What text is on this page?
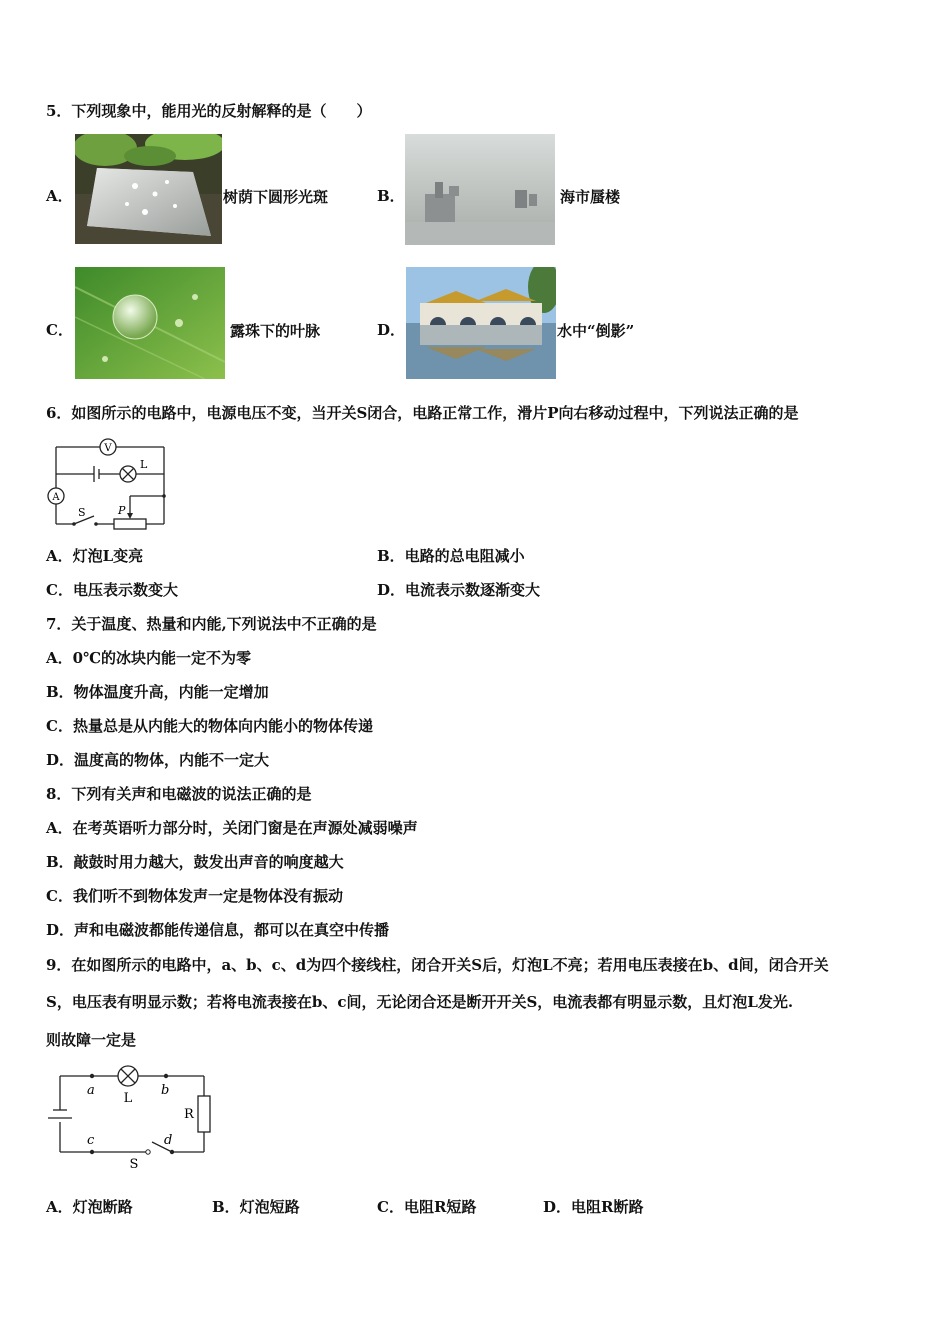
5．下列现象中，能用光的反射解释的是（　　）
A．	树荫下圆形光斑	B．	海市蜃楼
C．	露珠下的叶脉	D．	水中“倒影”
6．如图所示的电路中，电源电压不变，当开关S闭合，电路正常工作，滑片P向右移动过程中，下列说法正确的是
V
A
L
S	P
A．灯泡L变亮	B．电路的总电阻减小
C．电压表示数变大	D．电流表示数逐渐变大
7．关于温度、热量和内能,下列说法中不正确的是
A．0℃的冰块内能一定不为零
B．物体温度升高，内能一定增加
C．热量总是从内能大的物体向内能小的物体传递
D．温度高的物体，内能不一定大
8．下列有关声和电磁波的说法正确的是
A．在考英语听力部分时，关闭门窗是在声源处减弱噪声
B．敲鼓时用力越大，鼓发出声音的响度越大
C．我们听不到物体发声一定是物体没有振动
D．声和电磁波都能传递信息，都可以在真空中传播
9．在如图所示的电路中，a、b、c、d为四个接线柱，闭合开关S后，灯泡L不亮；若用电压表接在b、d间，闭合开关
S，电压表有明显示数；若将电流表接在b、c间，无论闭合还是断开开关S，电流表都有明显示数，且灯泡L发光.
则故障一定是
a	b
c	d
L
R
S
A．灯泡断路	B．灯泡短路	C．电阻R短路	D．电阻R断路
